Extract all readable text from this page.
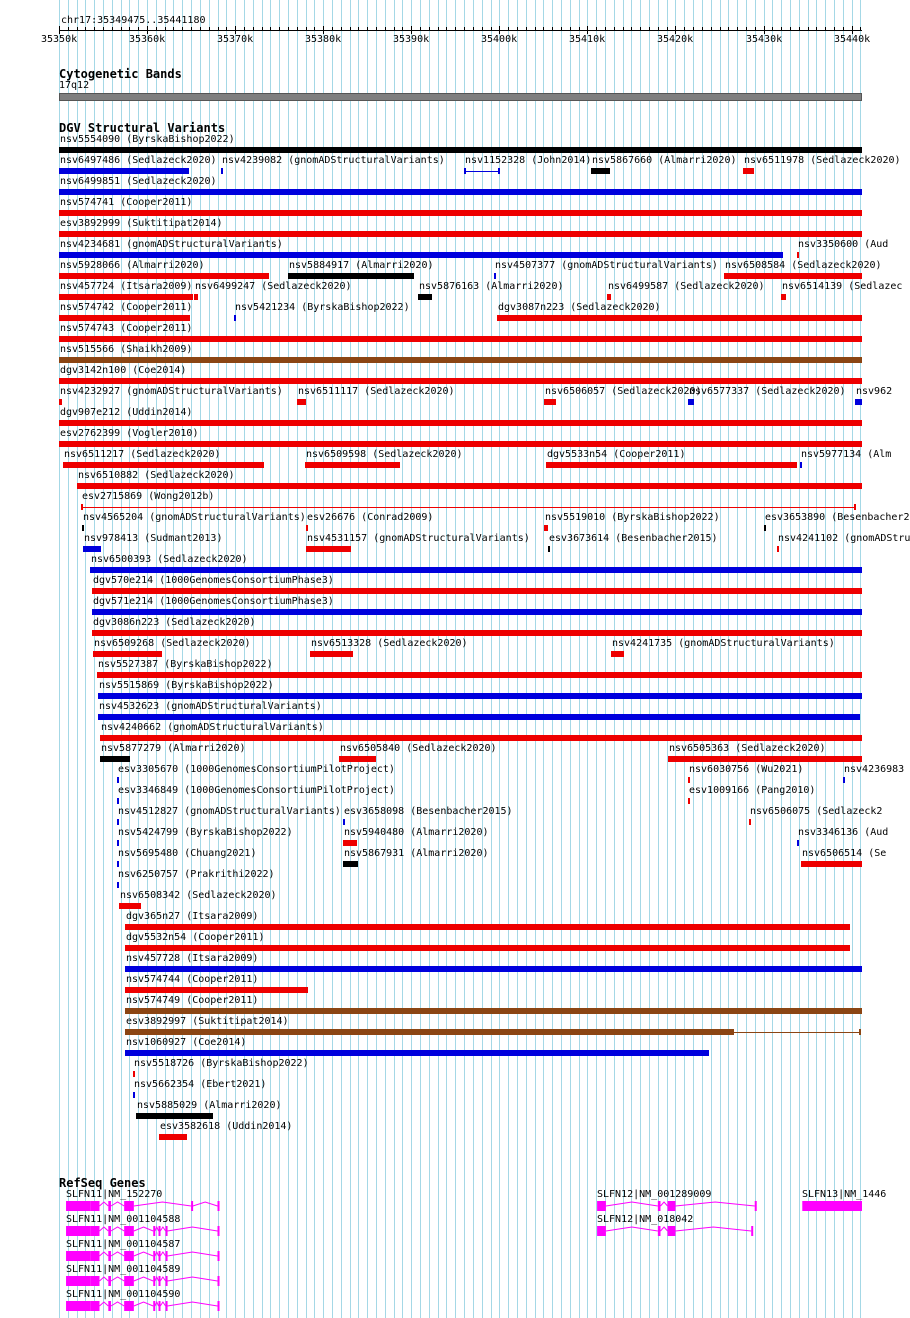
chr17:35349475..35441180
35350k	35360k	35370k	35380k	35390k	35400k	35410k	35420k	35430k	35440k
Cytogenetic Bands
17q12
DGV Structural Variants
nsv5554090 (ByrskaBishop2022)
nsv6497486 (Sedlazeck2020) nsv4239082 (gnomADStructuralVariants) nsv1152328 (John2014) nsv5867660 (Almarri2020) nsv6511978 (Sedlazeck2020)
nsv6499851 (Sedlazeck2020)
nsv574741 (Cooper2011)
esv3892999 (Suktitipat2014)
nsv4234681 (gnomADStructuralVariants)	nsv3350600 (Aud
nsv5928066 (Almarri2020)	nsv5884917 (Almarri2020)	nsv4507377 (gnomADStructuralVariants) nsv6508584 (Sedlazeck2020)
nsv457724 (Itsara2009) nsv6499247 (Sedlazeck2020)	nsv5876163 (Almarri2020)	nsv6499587 (Sedlazeck2020) nsv6514139 (Sedlazec
nsv574742 (Cooper2011)	nsv5421234 (ByrskaBishop2022)	dgv3087n223 (Sedlazeck2020)
nsv574743 (Cooper2011)
nsv515566 (Shaikh2009)
dgv3142n100 (Coe2014)
nsv4232927 (gnomADStructuralVariants) nsv6511117 (Sedlazeck2020)	nsv6506057 (Sedlazeck2020)
nsv6577337 (Sedlazeck2020) nsv962
dgv907e212 (Uddin2014)
esv2762399 (Vogler2010)
nsv6511217 (Sedlazeck2020)	nsv6509598 (Sedlazeck2020)	dgv5533n54 (Cooper2011)	nsv5977134 (Alm
nsv6510882 (Sedlazeck2020)
esv2715869 (Wong2012b)
nsv4565204 (gnomADStructuralVariants) esv26676 (Conrad2009)	nsv5519010 (ByrskaBishop2022)	esv3653890 (Besenbacher2
nsv978413 (Sudmant2013)	nsv4531157 (gnomADStructuralVariants) esv3673614 (Besenbacher2015)	nsv4241102 (gnomADStru
nsv6500393 (Sedlazeck2020)
dgv570e214 (1000GenomesConsortiumPhase3)
dgv571e214 (1000GenomesConsortiumPhase3)
dgv3086n223 (Sedlazeck2020)
nsv6509268 (Sedlazeck2020)	nsv6513328 (Sedlazeck2020)	nsv4241735 (gnomADStructuralVariants)
nsv5527387 (ByrskaBishop2022)
nsv5515869 (ByrskaBishop2022)
nsv4532623 (gnomADStructuralVariants)
nsv4240662 (gnomADStructuralVariants)
nsv5877279 (Almarri2020)	nsv6505840 (Sedlazeck2020)	nsv6505363 (Sedlazeck2020)
esv3305670 (1000GenomesConsortiumPilotProject)	nsv6030756 (Wu2021)	nsv4236983
esv3346849 (1000GenomesConsortiumPilotProject)	esv1009166 (Pang2010)
nsv4512827 (gnomADStructuralVariants) esv3658098 (Besenbacher2015)	nsv6506075 (Sedlazeck2
nsv5424799 (ByrskaBishop2022)	nsv5940480 (Almarri2020)	nsv3346136 (Aud
nsv5695480 (Chuang2021)	nsv5867931 (Almarri2020)	nsv6506514 (Se
nsv6250757 (Prakrithi2022)
nsv6508342 (Sedlazeck2020)
dgv365n27 (Itsara2009)
dgv5532n54 (Cooper2011)
nsv457728 (Itsara2009)
nsv574744 (Cooper2011)
nsv574749 (Cooper2011)
esv3892997 (Suktitipat2014)
nsv1060927 (Coe2014)
nsv5518726 (ByrskaBishop2022)
nsv5662354 (Ebert2021)
nsv5885029 (Almarri2020)
esv3582618 (Uddin2014)
RefSeq Genes
SLFN11|NM_152270
SLFN11|NM_001104588
SLFN11|NM_001104587
SLFN11|NM_001104589
SLFN11|NM_001104590
SLFN12|NM_001289009
SLFN12|NM_018042
SLFN13|NM_1446
